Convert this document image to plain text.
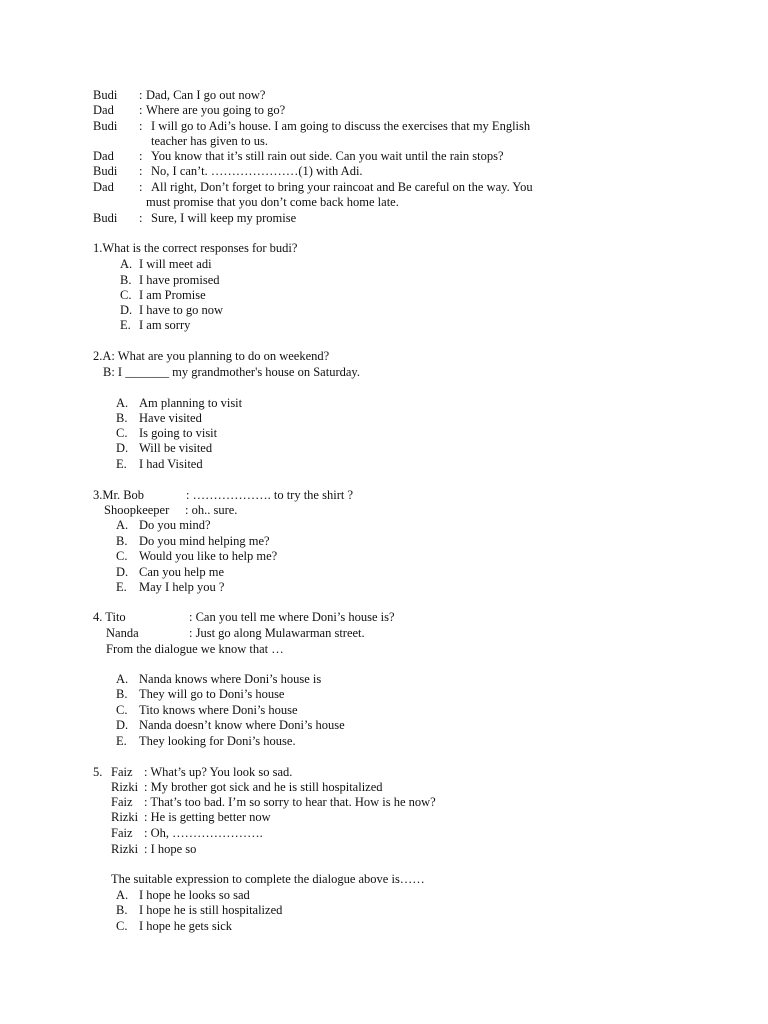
Budi : Dad, Can I go out now?
Dad : Where are you going to go?
Budi : I will go to Adi’s house. I am going to discuss the exercises that my English
teacher has given to us.
Dad : You know that it’s still rain out side. Can you wait until the rain stops?
Budi : No, I can’t. …………………(1) with Adi.
Dad : All right, Don’t forget to bring your raincoat and Be careful on the way. You
must promise that you don’t come back home late.
Budi : Sure, I will keep my promise
1.What is the correct responses for budi?
A. I will meet adi
B. I have promised
C. I am Promise
D. I have to go now
E. I am sorry
2.A: What are you planning to do on weekend?
B: I _______ my grandmother's house on Saturday.
A. Am planning to visit
B. Have visited
C. Is going to visit
D. Will be visited
E. I had Visited
3.Mr. Bob	: ………………. to try the shirt ?
Shoopkeeper : oh.. sure.
A. Do you mind?
B. Do you mind helping me?
C. Would you like to help me?
D. Can you help me
E. May I help you ?
4. Tito	: Can you tell me where Doni’s house is?
Nanda	: Just go along Mulawarman street.
From the dialogue we know that …
A. Nanda knows where Doni’s house is
B. They will go to Doni’s house
C. Tito knows where Doni’s house
D. Nanda doesn’t know where Doni’s house
E. They looking for Doni’s house.
5. Faiz : What’s up? You look so sad.
Rizki : My brother got sick and he is still hospitalized
Faiz : That’s too bad. I’m so sorry to hear that. How is he now?
Rizki : He is getting better now
Faiz : Oh, ………………….
Rizki : I hope so
The suitable expression to complete the dialogue above is……
A. I hope he looks so sad
B. I hope he is still hospitalized
C. I hope he gets sick
